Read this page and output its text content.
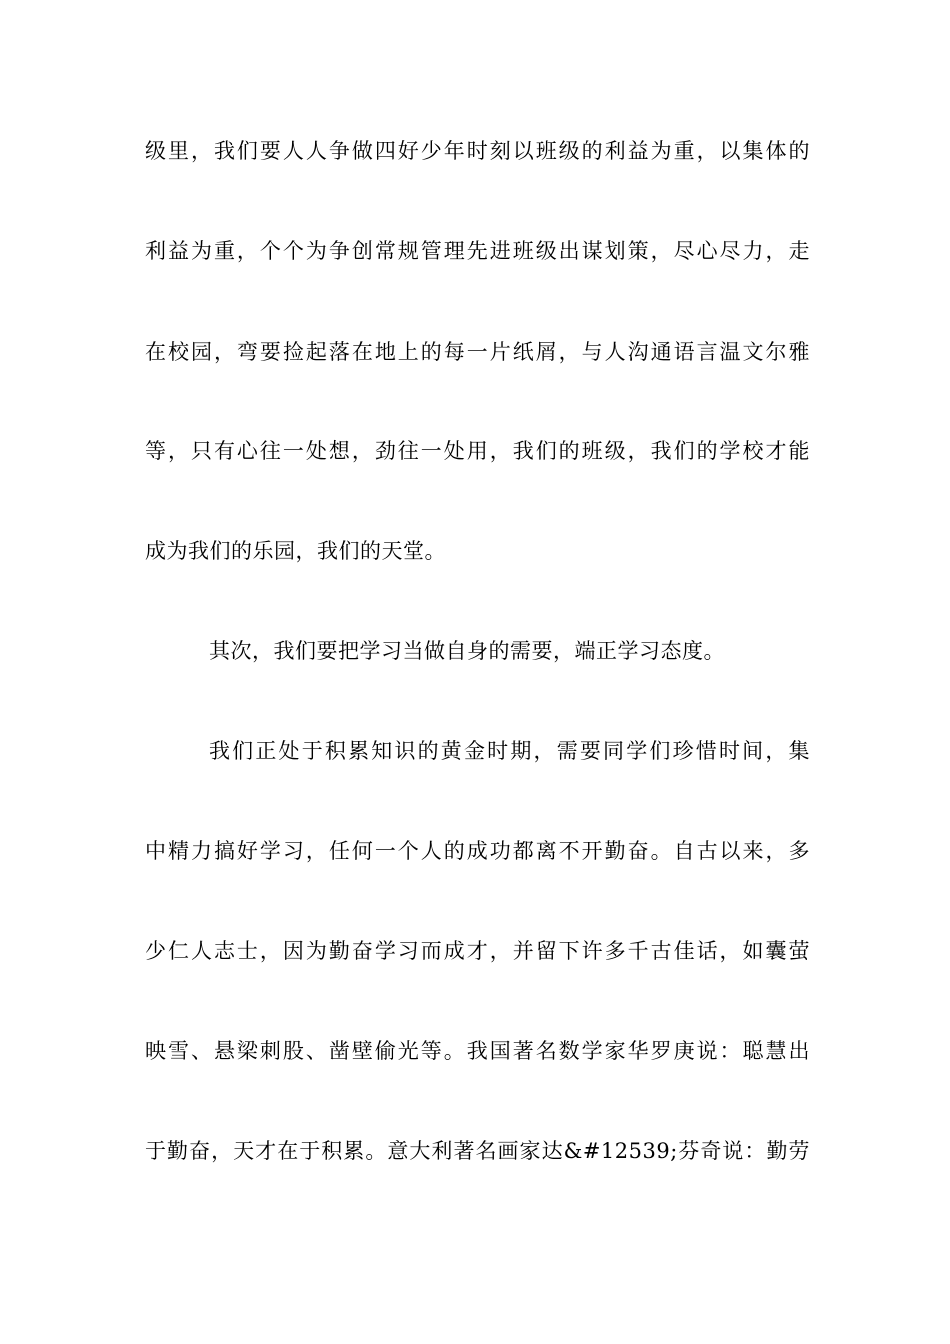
级里，我们要人人争做四好少年时刻以班级的利益为重，以集体的
利益为重，个个为争创常规管理先进班级出谋划策，尽心尽力，走
在校园，弯要捡起落在地上的每一片纸屑，与人沟通语言温文尔雅
等，只有心往一处想，劲往一处用，我们的班级，我们的学校才能
成为我们的乐园，我们的天堂。
其次，我们要把学习当做自身的需要，端正学习态度。
我们正处于积累知识的黄金时期，需要同学们珍惜时间，集
中精力搞好学习，任何一个人的成功都离不开勤奋。自古以来，多
少仁人志士，因为勤奋学习而成才，并留下许多千古佳话，如囊萤
映雪、悬梁刺股、凿壁偷光等。我国著名数学家华罗庚说：聪慧出
于勤奋，天才在于积累。意大利著名画家达&#12539;芬奇说：勤劳
